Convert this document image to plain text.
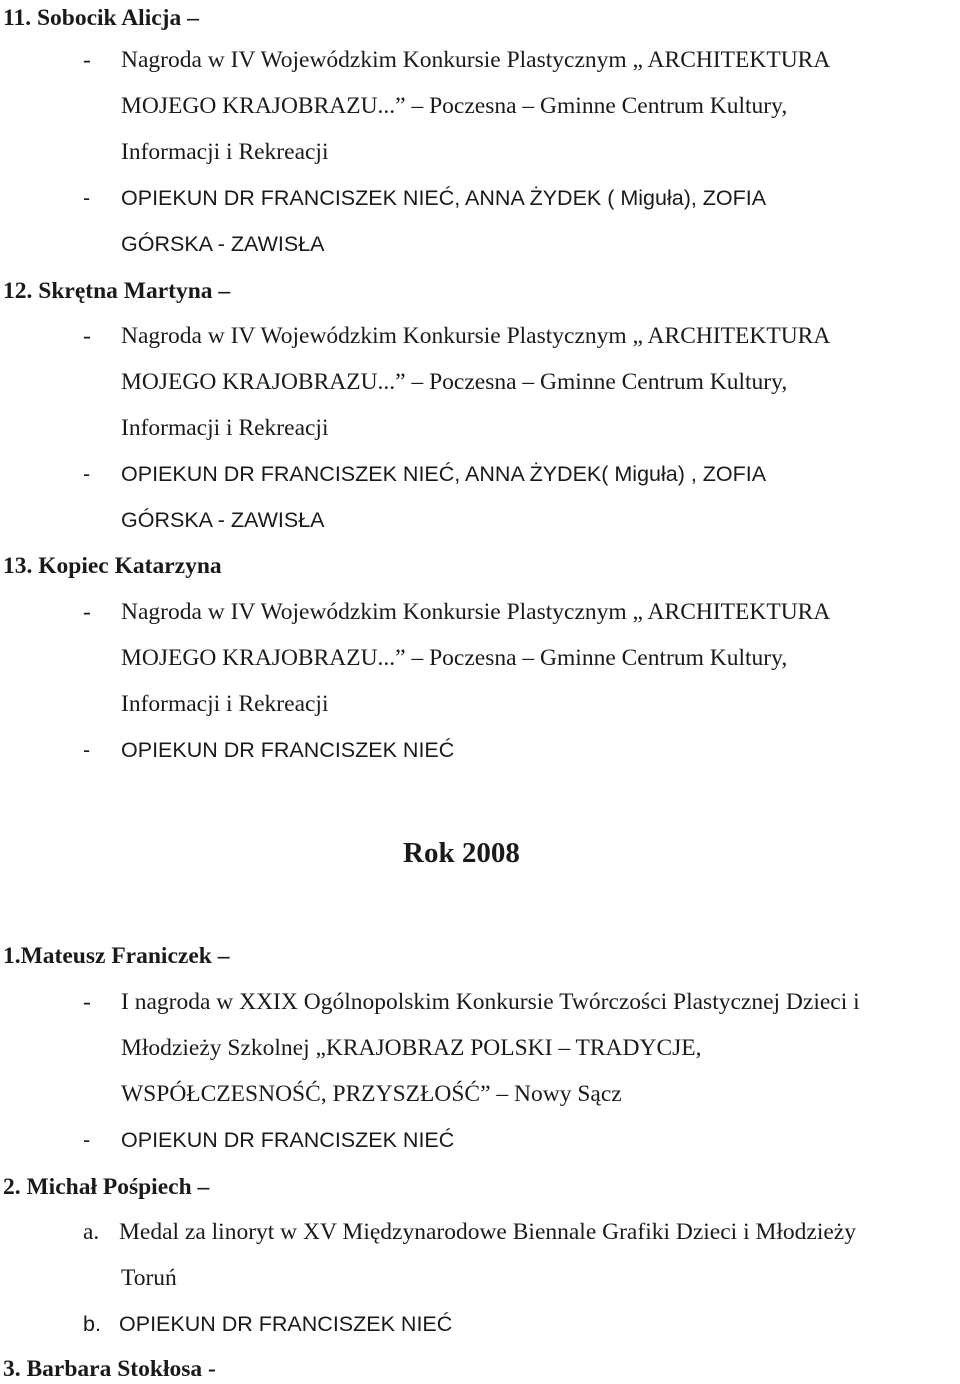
11. Sobocik Alicja –
- Nagroda w IV Wojewódzkim Konkursie Plastycznym „ ARCHITEKTURA
MOJEGO KRAJOBRAZU...” – Poczesna – Gminne Centrum Kultury,
Informacji i Rekreacji
- OPIEKUN DR FRANCISZEK NIEĆ, ANNA ŻYDEK ( Miguła), ZOFIA
GÓRSKA - ZAWISŁA
12. Skrętna Martyna –
- Nagroda w IV Wojewódzkim Konkursie Plastycznym „ ARCHITEKTURA
MOJEGO KRAJOBRAZU...” – Poczesna – Gminne Centrum Kultury,
Informacji i Rekreacji
- OPIEKUN DR FRANCISZEK NIEĆ, ANNA ŻYDEK( Miguła) , ZOFIA
GÓRSKA - ZAWISŁA
13. Kopiec Katarzyna
- Nagroda w IV Wojewódzkim Konkursie Plastycznym „ ARCHITEKTURA
MOJEGO KRAJOBRAZU...” – Poczesna – Gminne Centrum Kultury,
Informacji i Rekreacji
- OPIEKUN DR FRANCISZEK NIEĆ
Rok 2008
1.Mateusz Franiczek –
- I nagroda w XXIX Ogólnopolskim Konkursie Twórczości Plastycznej Dzieci i
Młodzieży Szkolnej „KRAJOBRAZ POLSKI – TRADYCJE,
WSPÓŁCZESNOŚĆ, PRZYSZŁOŚĆ” – Nowy Sącz
- OPIEKUN DR FRANCISZEK NIEĆ
2. Michał Pośpiech –
a. Medal za linoryt w XV Międzynarodowe Biennale Grafiki Dzieci i Młodzieży
Toruń
b. OPIEKUN DR FRANCISZEK NIEĆ
3. Barbara Stokłosa -
